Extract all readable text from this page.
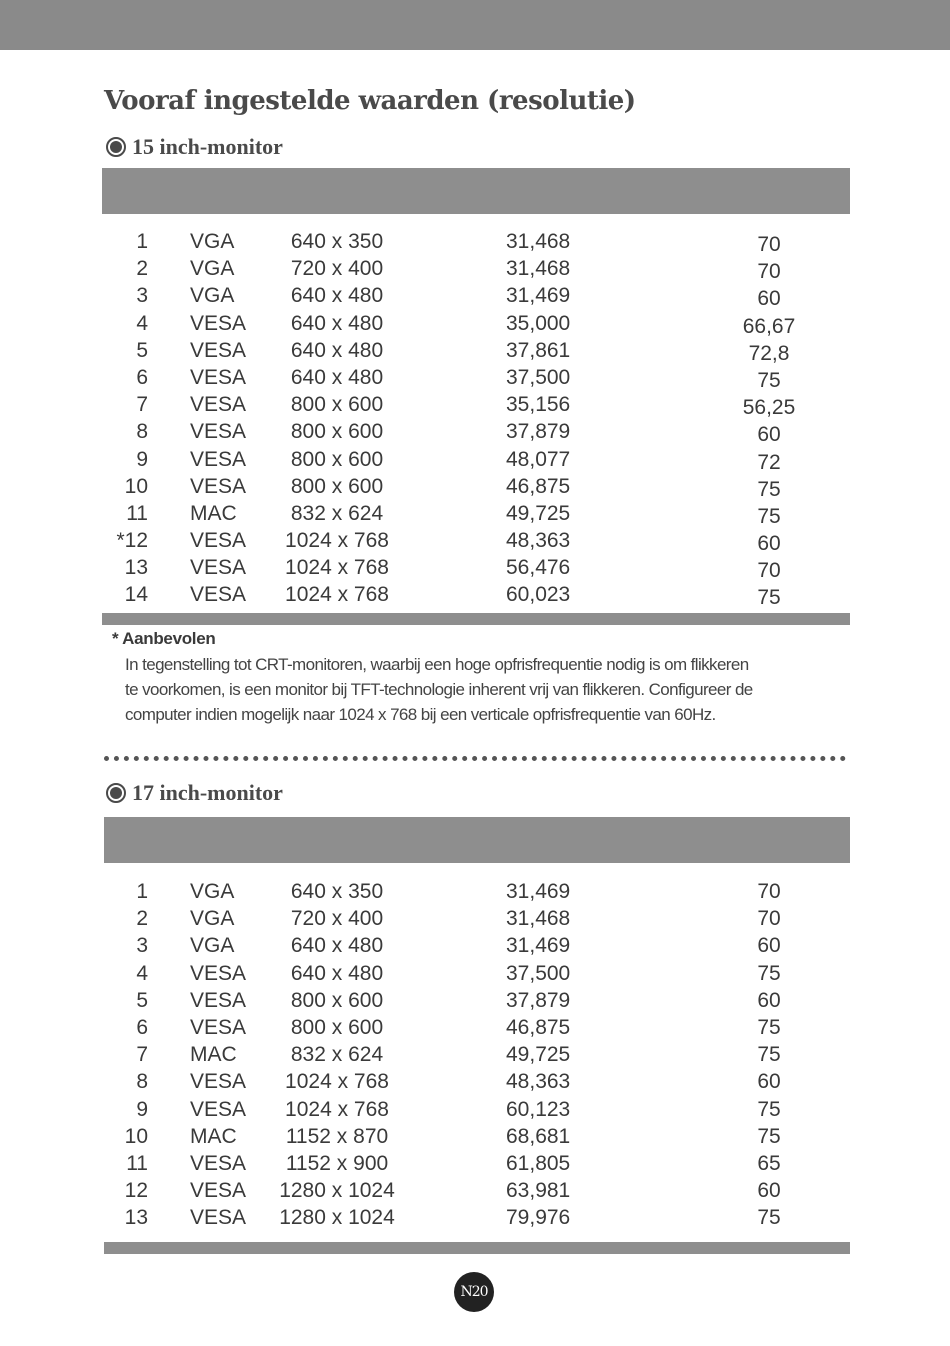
Vooraf ingestelde waarden (resolutie)
15 inch-monitor
1 VGA	640 x 350	31,468	70
2 VGA	720 x 400	31,468	70
3 VGA	640 x 480	31,469	60
4 VESA	640 x 480	35,000	66,67
5 VESA	640 x 480	37,861	72,8
6 VESA	640 x 480	37,500	75
7 VESA	800 x 600	35,156	56,25
8 VESA	800 x 600	37,879	60
9 VESA	800 x 600	48,077	72
10 VESA	800 x 600	46,875	75
11 MAC	832 x 624	49,725	75
*12 VESA	1024 x 768	48,363	60
13 VESA	1024 x 768	56,476	70
14 VESA	1024 x 768	60,023	75
* Aanbevolen
In tegenstelling tot CRT-monitoren, waarbij een hoge opfrisfrequentie nodig is om flikkeren
te voorkomen, is een monitor bij TFT-technologie inherent vrij van flikkeren. Configureer de
computer indien mogelijk naar 1024 x 768 bij een verticale opfrisfrequentie van 60Hz.
17 inch-monitor
1 VGA	640 x 350	31,469	70
2 VGA	720 x 400	31,468	70
3 VGA	640 x 480	31,469	60
4 VESA	640 x 480	37,500	75
5 VESA	800 x 600	37,879	60
6 VESA	800 x 600	46,875	75
7 MAC	832 x 624	49,725	75
8 VESA	1024 x 768	48,363	60
9 VESA	1024 x 768	60,123	75
10 MAC	1152 x 870	68,681	75
11 VESA	1152 x 900	61,805	65
12 VESA	1280 x 1024	63,981	60
13 VESA	1280 x 1024	79,976	75
N20
